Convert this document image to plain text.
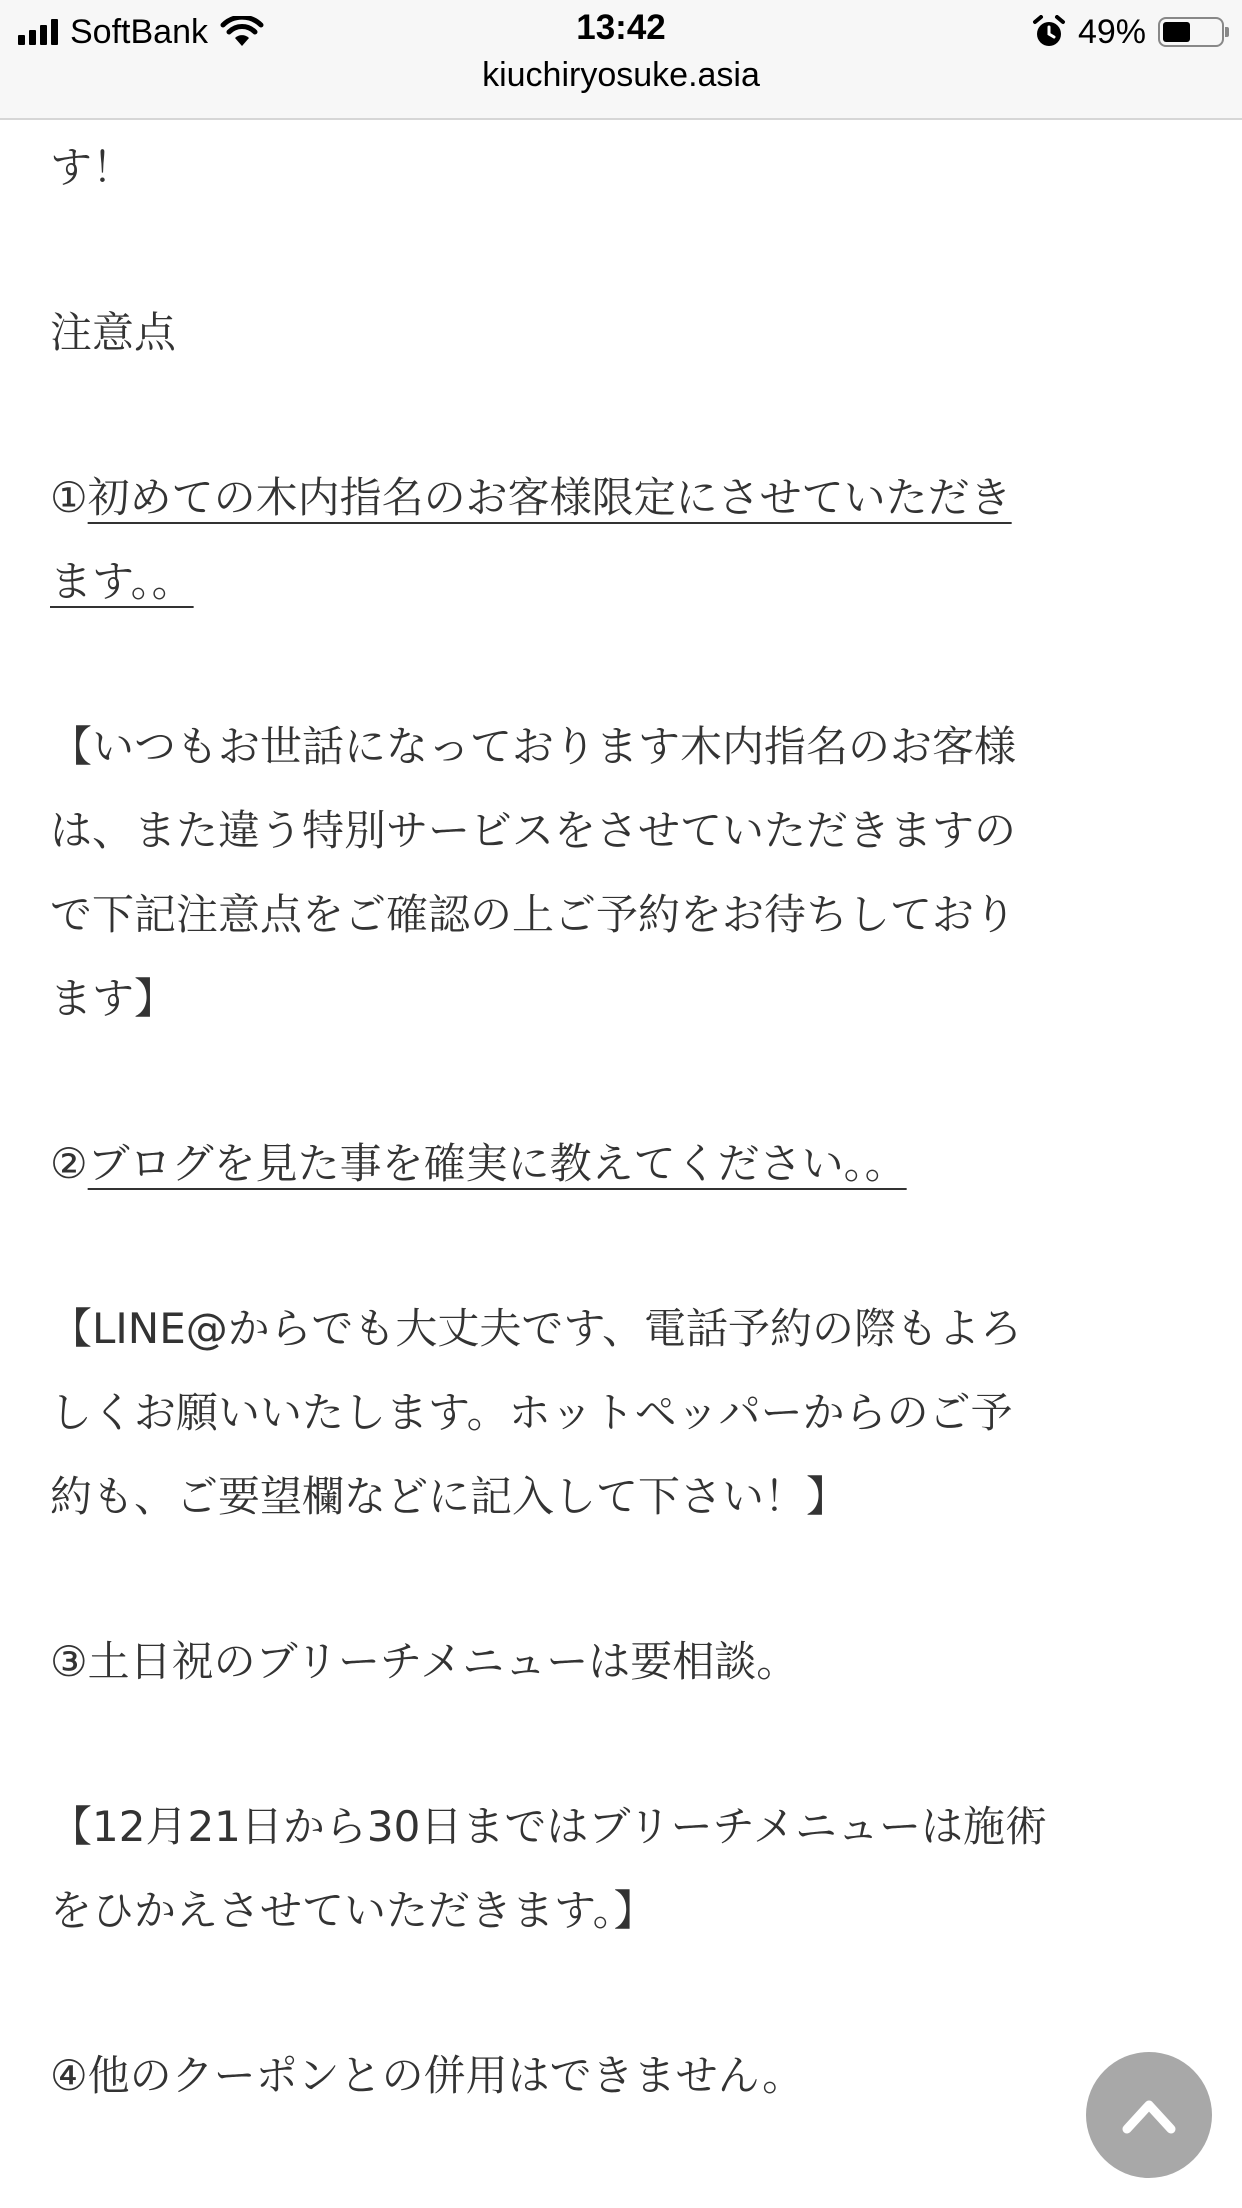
SoftBank	13:42	49%
kiuchiryosuke.asia

す！

注意点

①初めての木内指名のお客様限定にさせていただき

ます。。

【いつもお世話になっております木内指名のお客様

は、また違う特別サービスをさせていただきますの

で下記注意点をご確認の上ご予約をお待ちしており

ます】

②ブログを見た事を確実に教えてください。。

【LINE@からでも大丈夫です、電話予約の際もよろ

しくお願いいたします。ホットペッパーからのご予

約も、ご要望欄などに記入して下さい！】

③土日祝のブリーチメニューは要相談。

【12月21日から30日まではブリーチメニューは施術

をひかえさせていただきます。】

④他のクーポンとの併用はできません。
